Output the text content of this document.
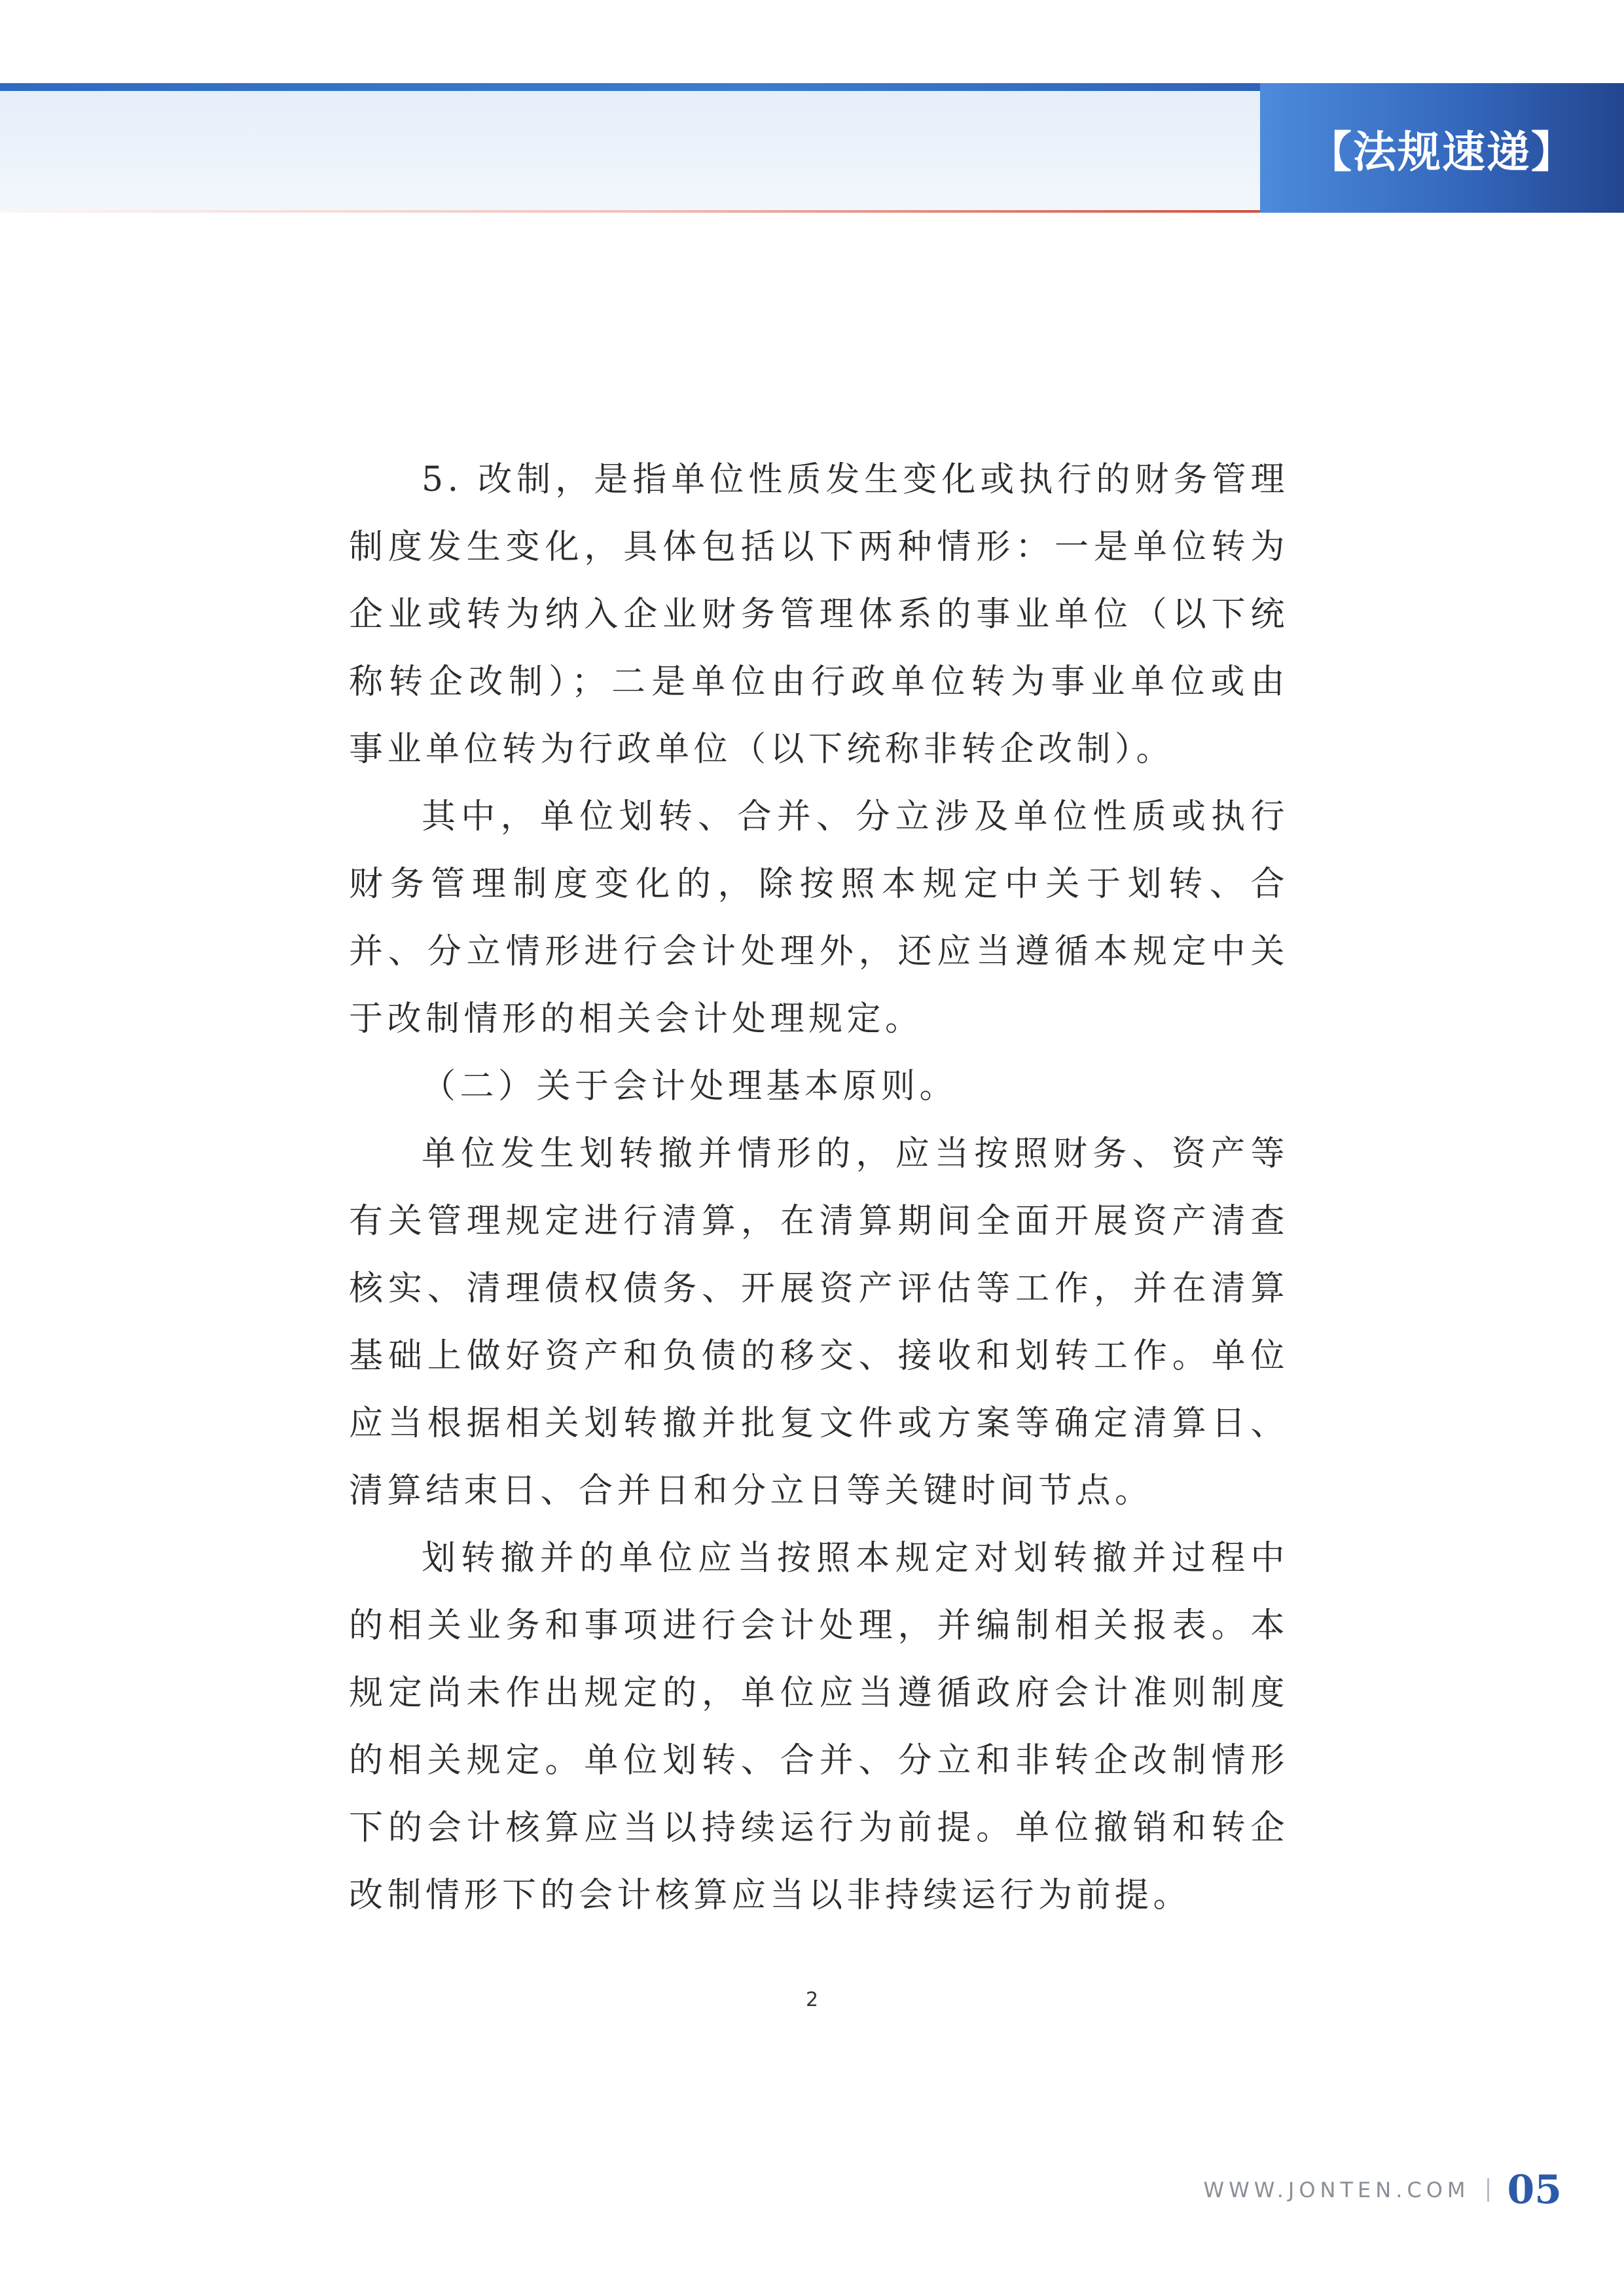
【法规速递】

5. 改制，是指单位性质发生变化或执行的财务管理制度发生变化，具体包括以下两种情形：一是单位转为企业或转为纳入企业财务管理体系的事业单位（以下统称转企改制）；二是单位由行政单位转为事业单位或由事业单位转为行政单位（以下统称非转企改制）。

其中，单位划转、合并、分立涉及单位性质或执行财务管理制度变化的，除按照本规定中关于划转、合并、分立情形进行会计处理外，还应当遵循本规定中关于改制情形的相关会计处理规定。

（二）关于会计处理基本原则。

单位发生划转撤并情形的，应当按照财务、资产等有关管理规定进行清算，在清算期间全面开展资产清查核实、清理债权债务、开展资产评估等工作，并在清算基础上做好资产和负债的移交、接收和划转工作。单位应当根据相关划转撤并批复文件或方案等确定清算日、清算结束日、合并日和分立日等关键时间节点。

划转撤并的单位应当按照本规定对划转撤并过程中的相关业务和事项进行会计处理，并编制相关报表。本规定尚未作出规定的，单位应当遵循政府会计准则制度的相关规定。单位划转、合并、分立和非转企改制情形下的会计核算应当以持续运行为前提。单位撤销和转企改制情形下的会计核算应当以非持续运行为前提。

2
WWW.JONTEN.COM 05
